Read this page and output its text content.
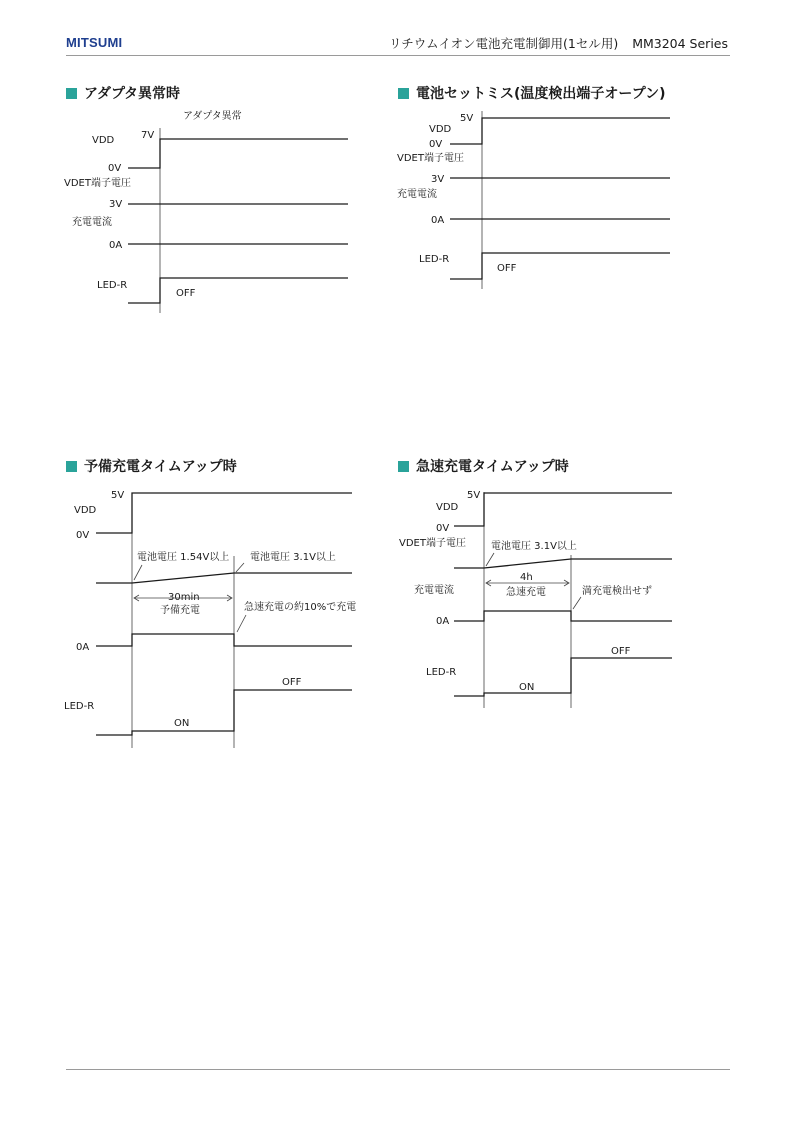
MITSUMI	リチウムイオン電池充電制御用(1セル用) MM3204 Series
アダプタ異常時	電池セットミス(温度検出端子オープン)
予備充電タイムアップ時	急速充電タイムアップ時
アダプタ異常
VDD	7V
0V
VDET端子電圧
3V
充電電流
0A
LED-R
OFF
5V
VDD
0V
VDET端子電圧
3V
充電電流
0A
LED-R
OFF
5V
VDD
0V
電池電圧 1.54V以上 電池電圧 3.1V以上
30min
予備充電	急速充電の約10%で充電
0A
OFF
LED-R
ON
5V
VDD
0V
VDET端子電圧	電池電圧 3.1V以上
4h
急速充電
充電電流	満充電検出せず
0A
OFF
LED-R
ON
